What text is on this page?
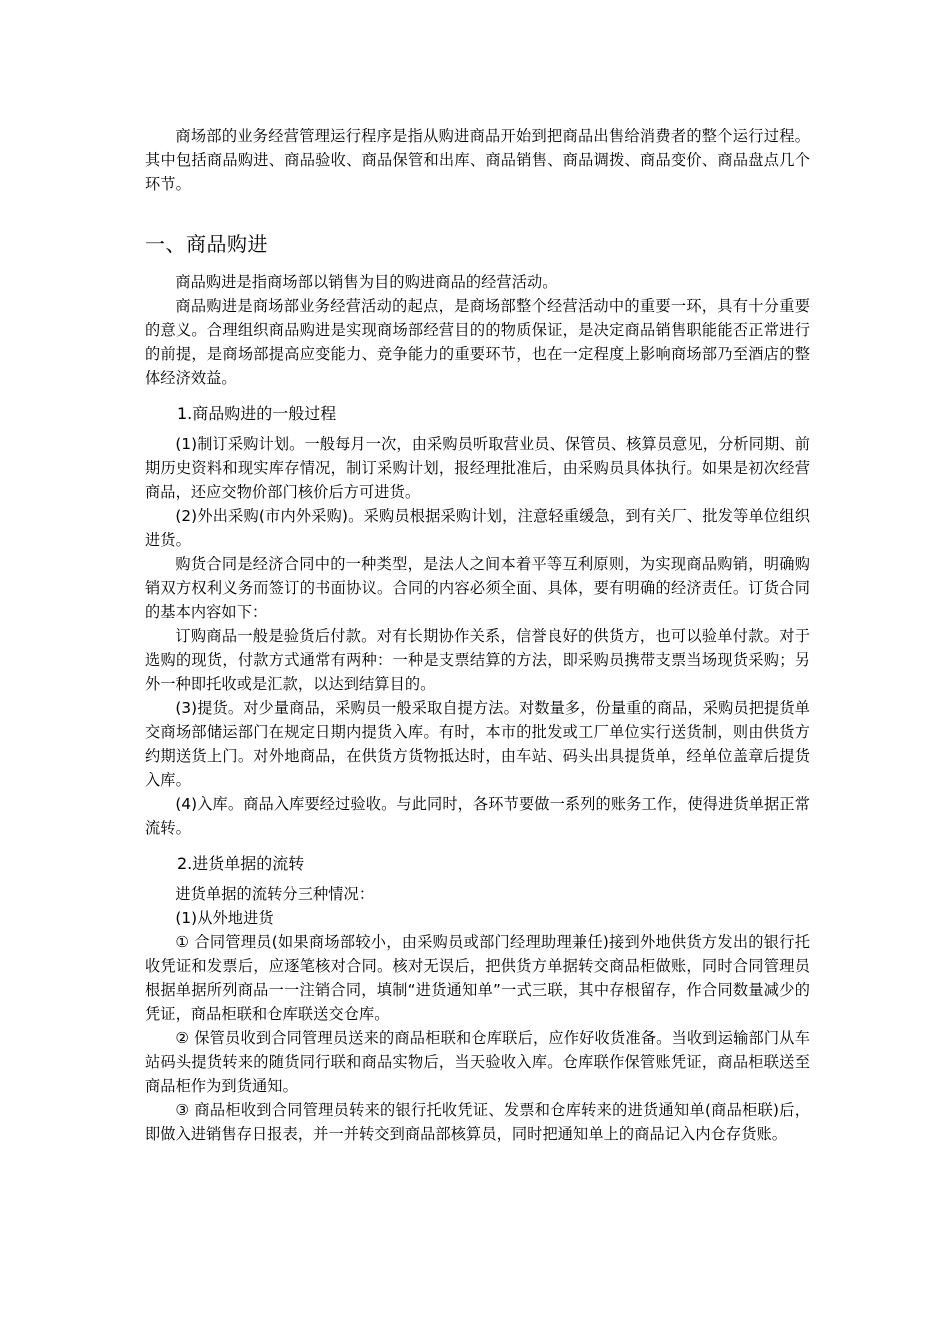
商场部的业务经营管理运行程序是指从购进商品开始到把商品出售给消费者的整个运行过程。其中包括商品购进、商品验收、商品保管和出库、商品销售、商品调拨、商品变价、商品盘点几个环节。

一、商品购进

商品购进是指商场部以销售为目的购进商品的经营活动。

商品购进是商场部业务经营活动的起点，是商场部整个经营活动中的重要一环，具有十分重要的意义。合理组织商品购进是实现商场部经营目的的物质保证，是决定商品销售职能能否正常进行的前提，是商场部提高应变能力、竞争能力的重要环节，也在一定程度上影响商场部乃至酒店的整体经济效益。

1.商品购进的一般过程

(1)制订采购计划。一般每月一次，由采购员听取营业员、保管员、核算员意见，分析同期、前期历史资料和现实库存情况，制订采购计划，报经理批准后，由采购员具体执行。如果是初次经营商品，还应交物价部门核价后方可进货。

(2)外出采购(市内外采购)。采购员根据采购计划，注意轻重缓急，到有关厂、批发等单位组织进货。

购货合同是经济合同中的一种类型，是法人之间本着平等互利原则，为实现商品购销，明确购销双方权利义务而签订的书面协议。合同的内容必须全面、具体，要有明确的经济责任。订货合同的基本内容如下：

订购商品一般是验货后付款。对有长期协作关系，信誉良好的供货方，也可以验单付款。对于选购的现货，付款方式通常有两种：一种是支票结算的方法，即采购员携带支票当场现货采购；另外一种即托收或是汇款，以达到结算目的。

(3)提货。对少量商品，采购员一般采取自提方法。对数量多，份量重的商品，采购员把提货单交商场部储运部门在规定日期内提货入库。有时，本市的批发或工厂单位实行送货制，则由供货方约期送货上门。对外地商品，在供货方货物抵达时，由车站、码头出具提货单，经单位盖章后提货入库。

(4)入库。商品入库要经过验收。与此同时，各环节要做一系列的账务工作，使得进货单据正常流转。

2.进货单据的流转

进货单据的流转分三种情况：

(1)从外地进货

① 合同管理员(如果商场部较小，由采购员或部门经理助理兼任)接到外地供货方发出的银行托收凭证和发票后，应逐笔核对合同。核对无误后，把供货方单据转交商品柜做账，同时合同管理员根据单据所列商品一一注销合同，填制“进货通知单”一式三联，其中存根留存，作合同数量减少的凭证，商品柜联和仓库联送交仓库。

② 保管员收到合同管理员送来的商品柜联和仓库联后，应作好收货准备。当收到运输部门从车站码头提货转来的随货同行联和商品实物后，当天验收入库。仓库联作保管账凭证，商品柜联送至商品柜作为到货通知。

③ 商品柜收到合同管理员转来的银行托收凭证、发票和仓库转来的进货通知单(商品柜联)后，即做入进销售存日报表，并一并转交到商品部核算员，同时把通知单上的商品记入内仓存货账。
